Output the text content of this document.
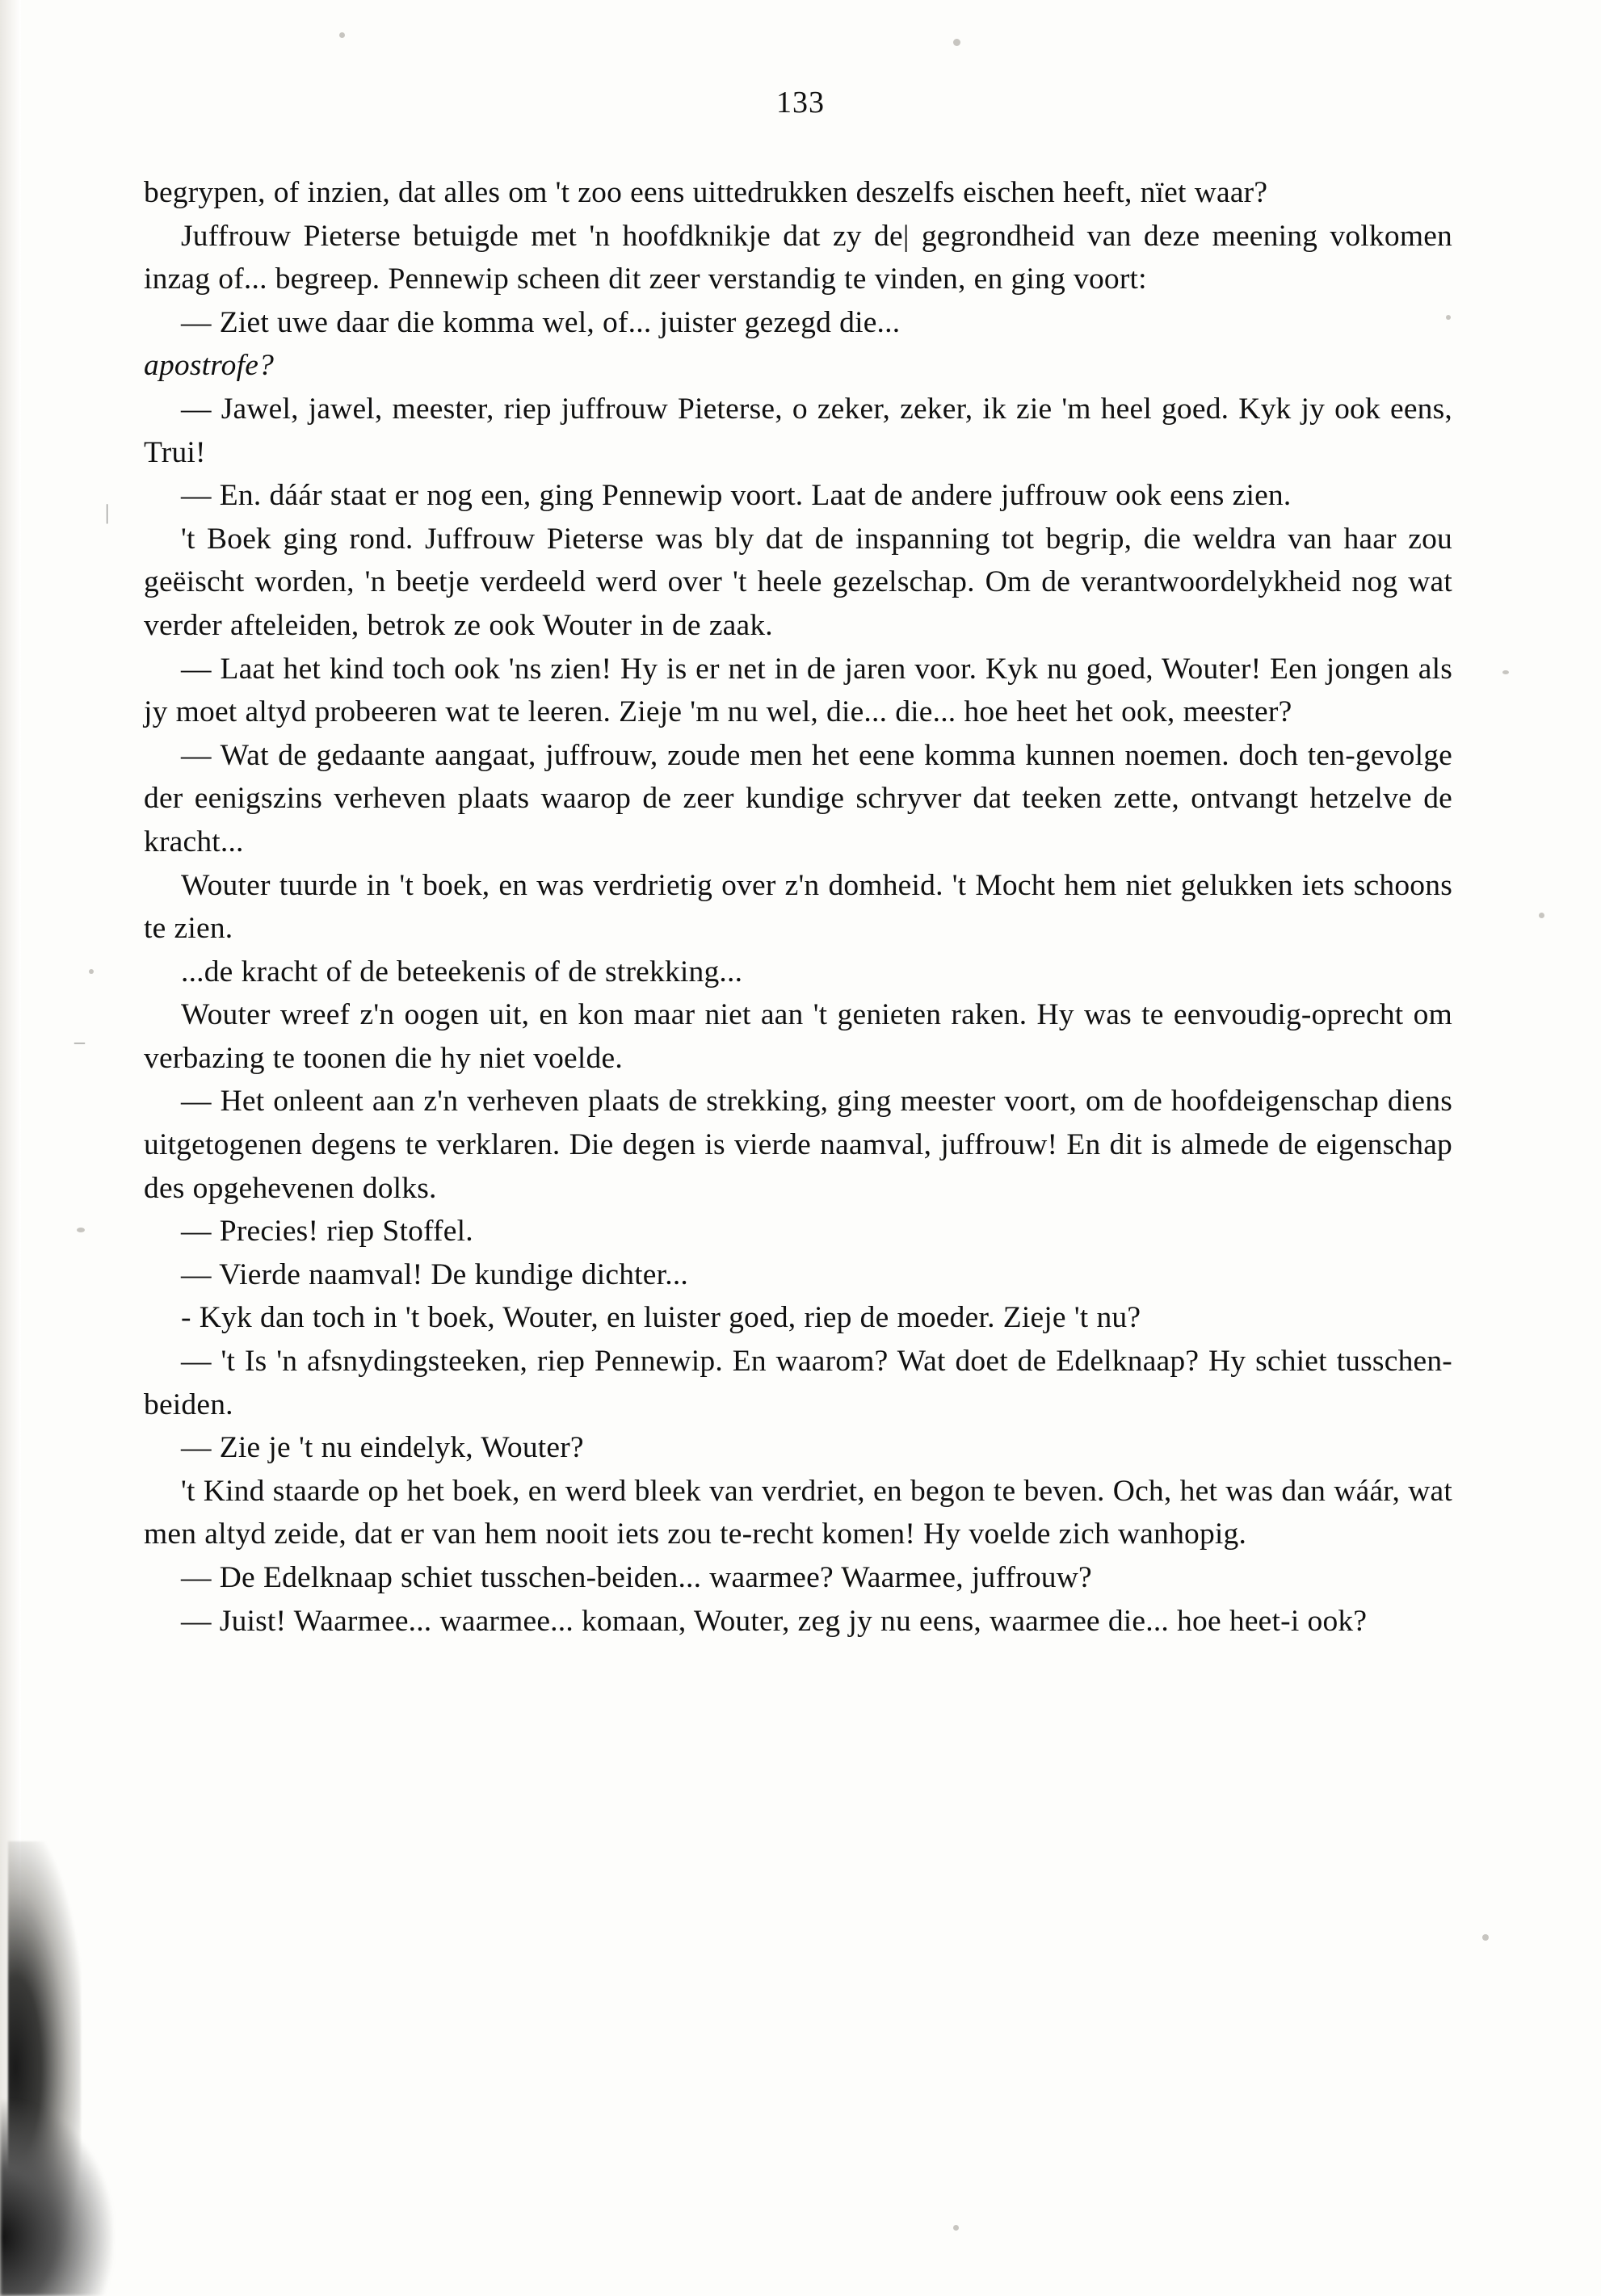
|
–
133

begrypen, of inzien, dat alles om 't zoo eens uittedrukken deszelfs eischen heeft, nïet waar?

Juffrouw Pieterse betuigde met 'n hoofdknikje dat zy de| gegrondheid van deze meening volkomen inzag of... begreep. Pennewip scheen dit zeer verstandig te vinden, en ging voort:

— Ziet uwe daar die komma wel, of... juister gezegd die...
apostrofe?

— Jawel, jawel, meester, riep juffrouw Pieterse, o zeker, zeker, ik zie 'm heel goed. Kyk jy ook eens, Trui!

— En. dáár staat er nog een, ging Pennewip voort. Laat de andere juffrouw ook eens zien.

't Boek ging rond. Juffrouw Pieterse was bly dat de inspanning tot begrip, die weldra van haar zou geëischt worden, 'n beetje verdeeld werd over 't heele gezelschap. Om de verantwoordelykheid nog wat verder afteleiden, betrok ze ook Wouter in de zaak.

— Laat het kind toch ook 'ns zien! Hy is er net in de jaren voor. Kyk nu goed, Wouter! Een jongen als jy moet altyd probeeren wat te leeren. Zieje 'm nu wel, die... die... hoe heet het ook, meester?

— Wat de gedaante aangaat, juffrouw, zoude men het eene komma kunnen noemen. doch ten-gevolge der eenigszins verheven plaats waarop de zeer kundige schryver dat teeken zette, ontvangt hetzelve de kracht...

Wouter tuurde in 't boek, en was verdrietig over z'n domheid. 't Mocht hem niet gelukken iets schoons te zien.

...de kracht of de beteekenis of de strekking...

Wouter wreef z'n oogen uit, en kon maar niet aan 't genieten raken. Hy was te eenvoudig-oprecht om verbazing te toonen die hy niet voelde.

— Het onleent aan z'n verheven plaats de strekking, ging meester voort, om de hoofdeigenschap diens uitgetogenen degens te verklaren. Die degen is vierde naamval, juffrouw! En dit is almede de eigenschap des opgehevenen dolks.

— Precies! riep Stoffel.

— Vierde naamval! De kundige dichter...

- Kyk dan toch in 't boek, Wouter, en luister goed, riep de moeder. Zieje 't nu?

— 't Is 'n afsnydingsteeken, riep Pennewip. En waarom? Wat doet de Edelknaap? Hy schiet tusschen-beiden.

— Zie je 't nu eindelyk, Wouter?

't Kind staarde op het boek, en werd bleek van verdriet, en begon te beven. Och, het was dan wáár, wat men altyd zeide, dat er van hem nooit iets zou te-recht komen! Hy voelde zich wanhopig.

— De Edelknaap schiet tusschen-beiden... waarmee? Waarmee, juffrouw?

— Juist! Waarmee... waarmee... komaan, Wouter, zeg jy nu eens, waarmee die... hoe heet-i ook?
